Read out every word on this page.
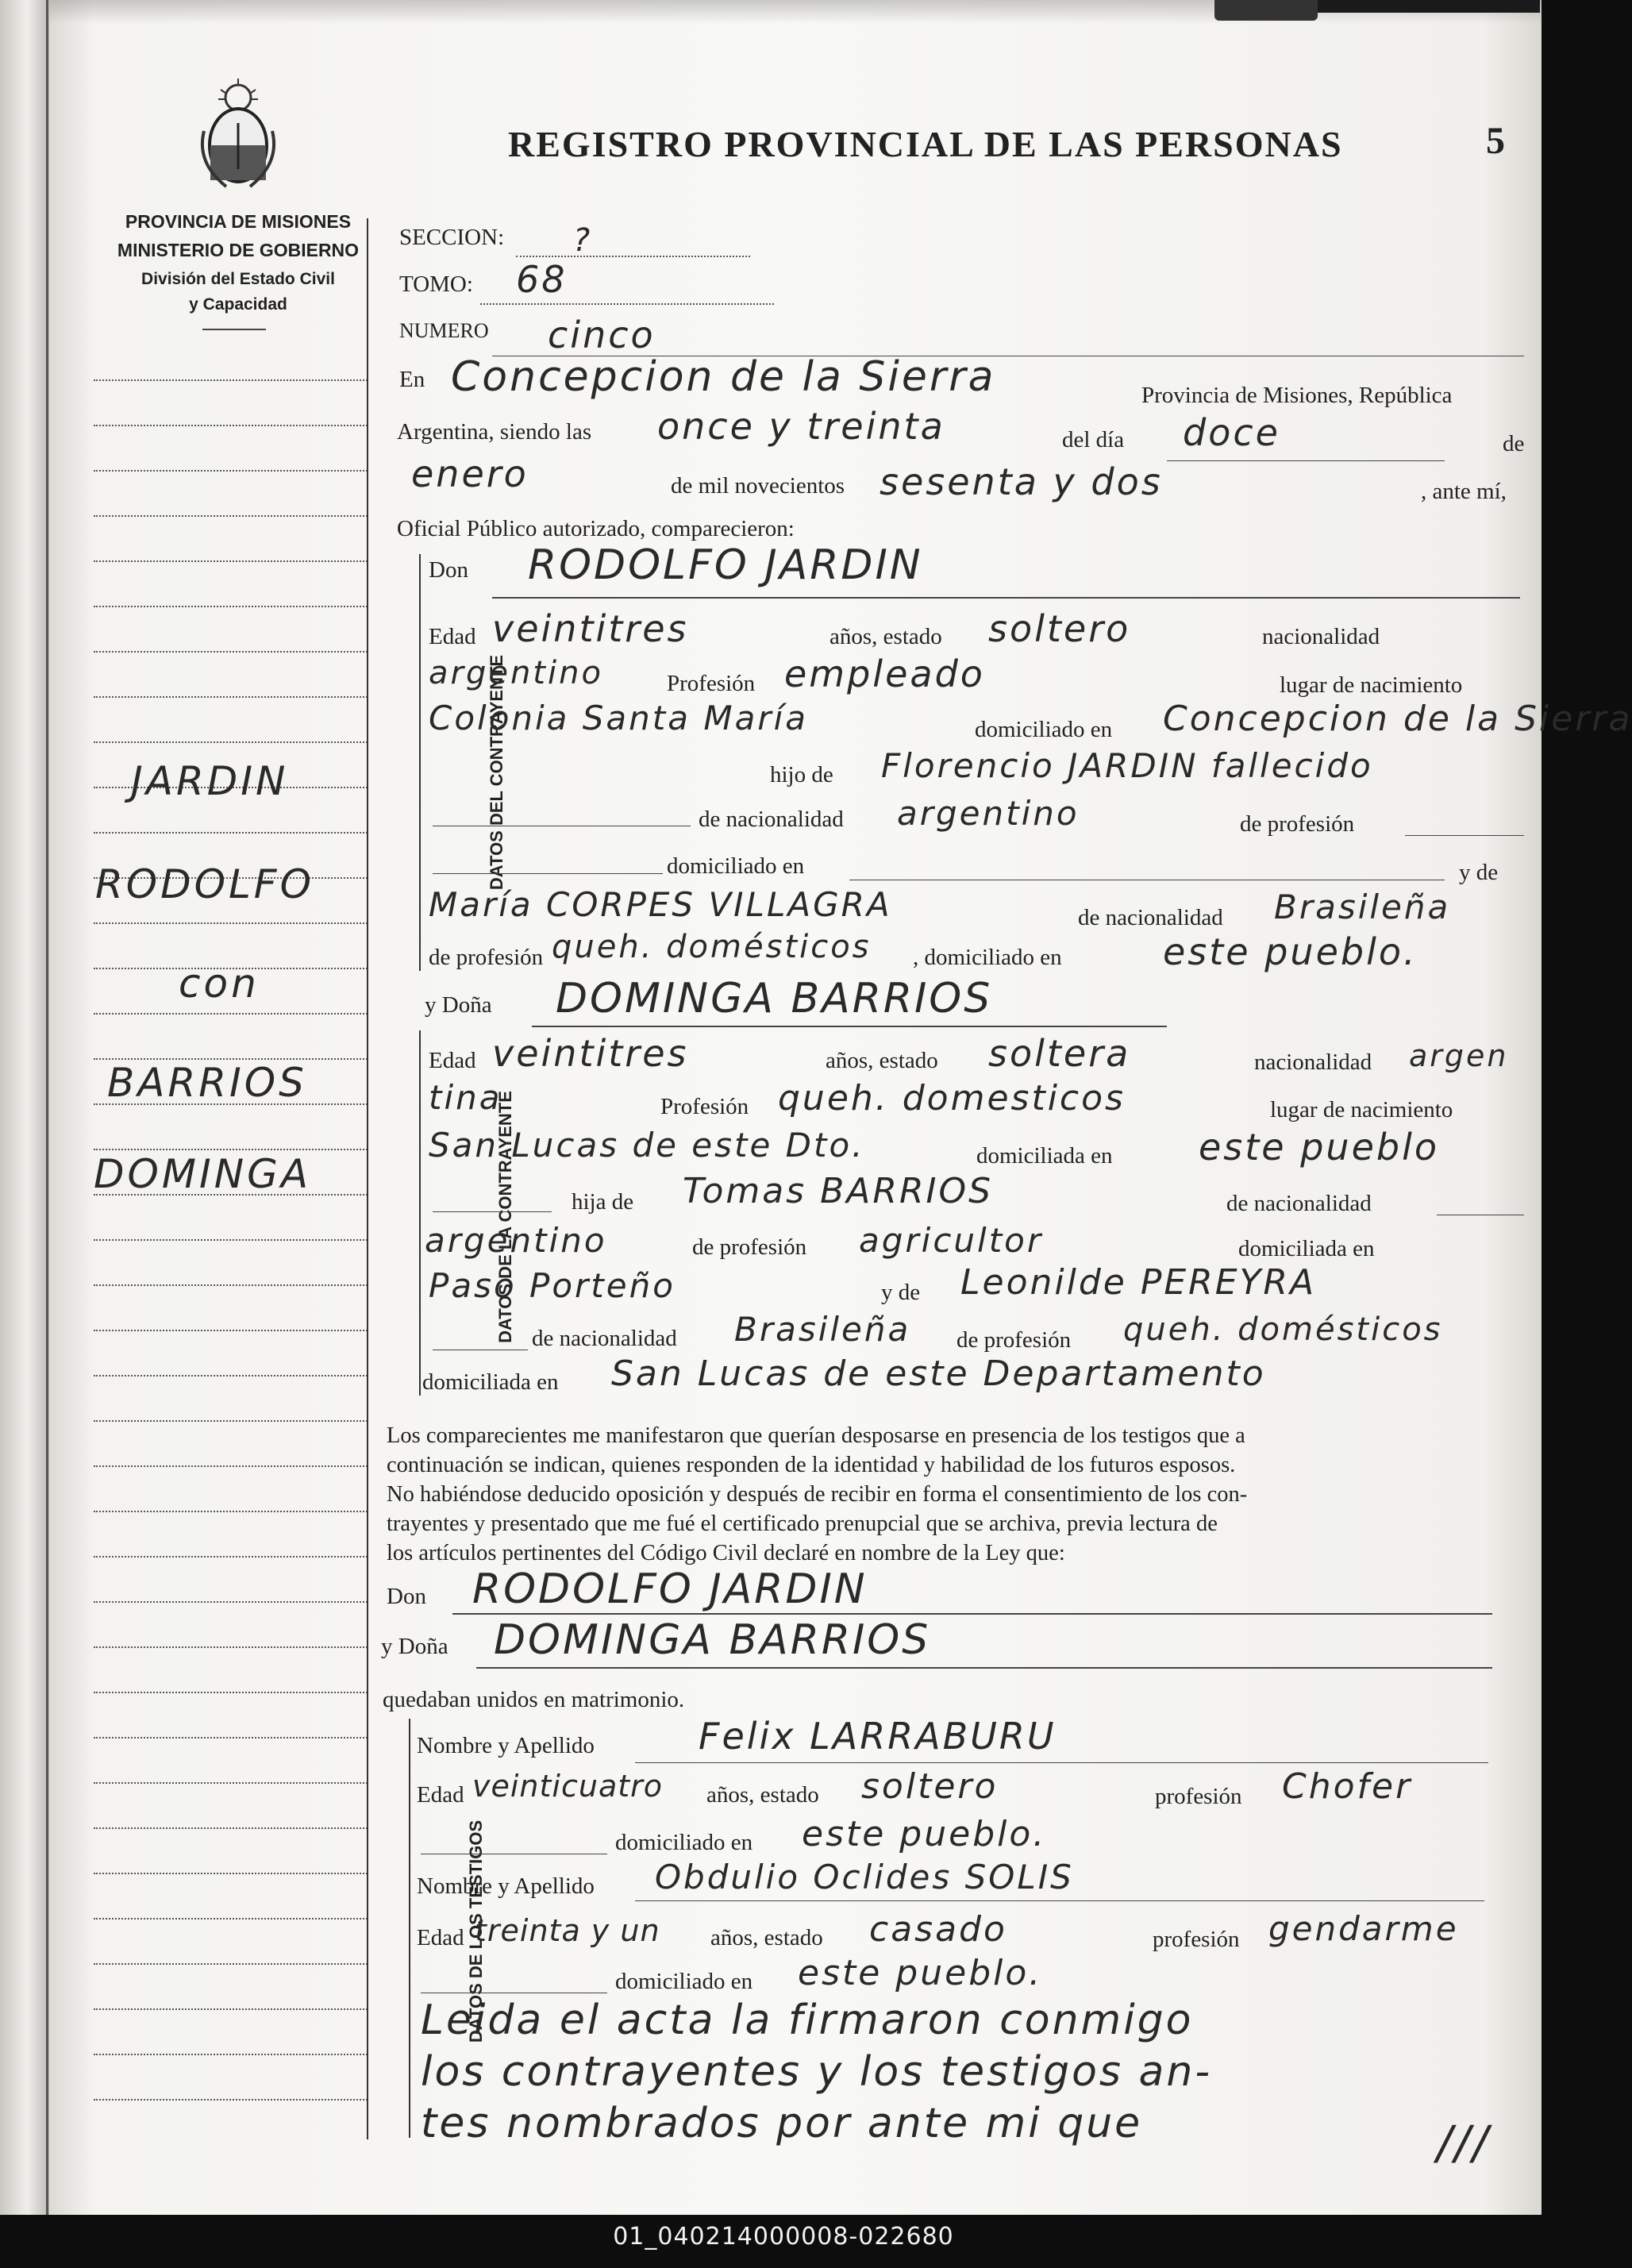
PROVINCIA DE MISIONES
MINISTERIO DE GOBIERNO
División del Estado Civil
y Capacidad
REGISTRO PROVINCIAL DE LAS PERSONAS	5
JARDIN
RODOLFO
con
BARRIOS
DOMINGA
SECCION: ?
TOMO: 68
NUMERO cinco
En Concepcion de la Sierra	Provincia de Misiones, República
Argentina, siendo las once y treinta	del día doce	de
enero	de mil novecientos sesenta y dos	, ante mí,
Oficial Público autorizado, comparecieron:
DATOS DEL CONTRAYENTE
Don RODOLFO JARDIN
Edad veintitres	años, estado soltero	nacionalidad
argentino	Profesión empleado	lugar de nacimiento
Colonia Santa María	domiciliado en Concepcion de la Sierra
hijo de Florencio JARDIN fallecido
de nacionalidad argentino	de profesión
domiciliado en	y de
María CORPES VILLAGRA	de nacionalidad Brasileña
de profesión queh. domésticos , domiciliado en	este pueblo.
y Doña DOMINGA BARRIOS
DATOS DE LA CONTRAYENTE
Edad veintitres	años, estado soltera	nacionalidad argen
tina	Profesión queh. domesticos	lugar de nacimiento
San Lucas de este Dto.	domiciliada en este pueblo
hija de Tomas BARRIOS	de nacionalidad
argentino	de profesión agricultor	domiciliada en
Paso Porteño	y de Leonilde PEREYRA
de nacionalidad Brasileña de profesión queh. domésticos
domiciliada en San Lucas de este Departamento
Los comparecientes me manifestaron que querían desposarse en presencia de los testigos que a
continuación se indican, quienes responden de la identidad y habilidad de los futuros esposos.
No habiéndose deducido oposición y después de recibir en forma el consentimiento de los con-
trayentes y presentado que me fué el certificado prenupcial que se archiva, previa lectura de
los artículos pertinentes del Código Civil declaré en nombre de la Ley que:
Don RODOLFO JARDIN
y Doña DOMINGA BARRIOS
quedaban unidos en matrimonio.
DATOS DE LOS TESTIGOS
Nombre y Apellido	Felix LARRABURU
Edad veinticuatro años, estado soltero	profesión Chofer
domiciliado en este pueblo.
Nombre y Apellido Obdulio Oclides SOLIS
Edad treinta y un años, estado casado	profesión gendarme
domiciliado en este pueblo.
Leida el acta la firmaron conmigo
los contrayentes y los testigos an-
tes nombrados por ante mi que	///
01_040214000008-022680
